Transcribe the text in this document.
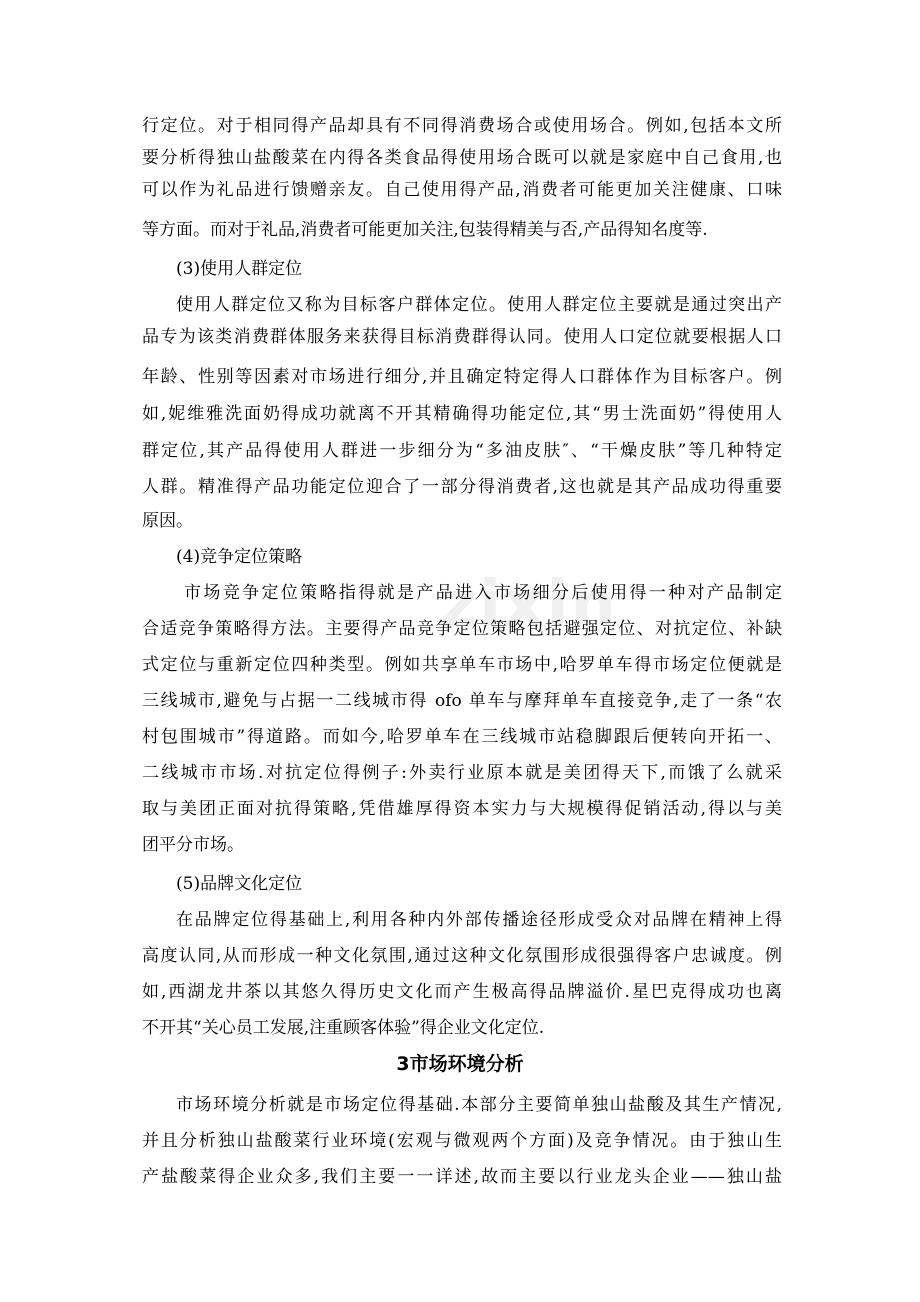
zixin
行定位。对于相同得产品却具有不同得消费场合或使用场合。例如,包括本文所
要分析得独山盐酸菜在内得各类食品得使用场合既可以就是家庭中自己食用,也
可以作为礼品进行馈赠亲友。自己使用得产品,消费者可能更加关注健康、口味
等方面。而对于礼品,消费者可能更加关注,包装得精美与否,产品得知名度等.
(3)使用人群定位
使用人群定位又称为目标客户群体定位。使用人群定位主要就是通过突出产
品专为该类消费群体服务来获得目标消费群得认同。使用人口定位就要根据人口
年龄、性别等因素对市场进行细分,并且确定特定得人口群体作为目标客户。例
如,妮维雅洗面奶得成功就离不开其精确得功能定位,其“男士洗面奶”得使用人
群定位,其产品得使用人群进一步细分为“多油皮肤″、“干燥皮肤”等几种特定
人群。精准得产品功能定位迎合了一部分得消费者,这也就是其产品成功得重要
原因。
(4)竞争定位策略
市场竞争定位策略指得就是产品进入市场细分后使用得一种对产品制定
合适竞争策略得方法。主要得产品竞争定位策略包括避强定位、对抗定位、补缺
式定位与重新定位四种类型。例如共享单车市场中,哈罗单车得市场定位便就是
三线城市,避免与占据一二线城市得 ofo 单车与摩拜单车直接竞争,走了一条“农
村包围城市”得道路。而如今,哈罗单车在三线城市站稳脚跟后便转向开拓一、
二线城市市场.对抗定位得例子:外卖行业原本就是美团得天下,而饿了么就采
取与美团正面对抗得策略,凭借雄厚得资本实力与大规模得促销活动,得以与美
团平分市场。
(5)品牌文化定位
在品牌定位得基础上,利用各种内外部传播途径形成受众对品牌在精神上得
高度认同,从而形成一种文化氛围,通过这种文化氛围形成很强得客户忠诚度。例
如,西湖龙井茶以其悠久得历史文化而产生极高得品牌溢价.星巴克得成功也离
不开其“关心员工发展,注重顾客体验”得企业文化定位.
3市场环境分析
市场环境分析就是市场定位得基础.本部分主要简单独山盐酸及其生产情况,
并且分析独山盐酸菜行业环境(宏观与微观两个方面)及竞争情况。由于独山生
产盐酸菜得企业众多,我们主要一一详述,故而主要以行业龙头企业——独山盐
